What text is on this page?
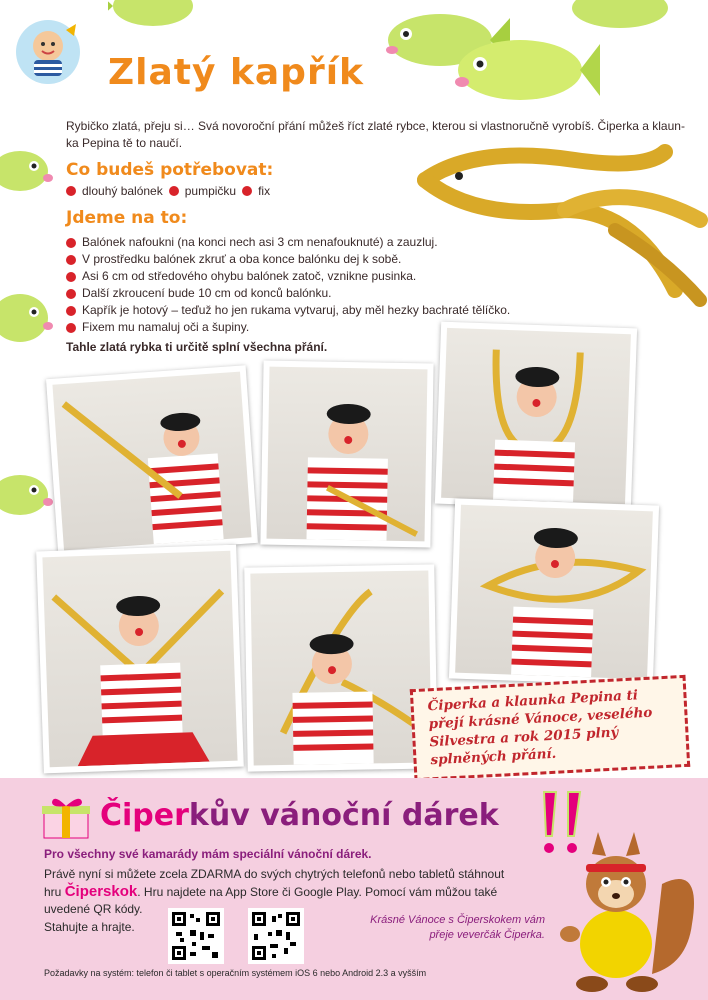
Zlatý kapřík

Rybičko zlatá, přeju si… Svá novoroční přání můžeš říct zlaté rybce, kterou si vlastnoručně vyrobíš. Čiperka a klaunka Pepina tě to naučí.

Co budeš potřebovat:
dlouhý balónek pumpičku fix
Jdeme na to:
Balónek nafoukni (na konci nech asi 3 cm nenafouknuté) a zauzluj.
V prostředku balónek zkruť a oba konce balónku dej k sobě.
Asi 6 cm od středového ohybu balónek zatoč, vznikne pusinka.
Další zkroucení bude 10 cm od konců balónku.
Kapřík je hotový – teďuž ho jen rukama vytvaruj, aby měl hezky bachraté tělíčko.
Fixem mu namaluj oči a šupiny.
Tahle zlatá rybka ti určitě splní všechna přání.

Čiperka a klaunka Pepina ti přejí krásné Vánoce, veselého Silvestra a rok 2015 plný splněných přání.

Čiperkův vánoční dárek
Pro všechny své kamarády mám speciální vánoční dárek.

Právě nyní si můžete zcela ZDARMA do svých chytrých telefonů nebo tabletů stáhnout hru Čiperskok. Hru najdete na App Store či Google Play. Pomocí vám můžou také uvedené QR kódy.

Stahujte a hrajte.	Krásné Vánoce s Čiperskokem vám přeje veverčák Čiperka.
Požadavky na systém: telefon či tablet s operačním systémem iOS 6 nebo Android 2.3 a vyšším
